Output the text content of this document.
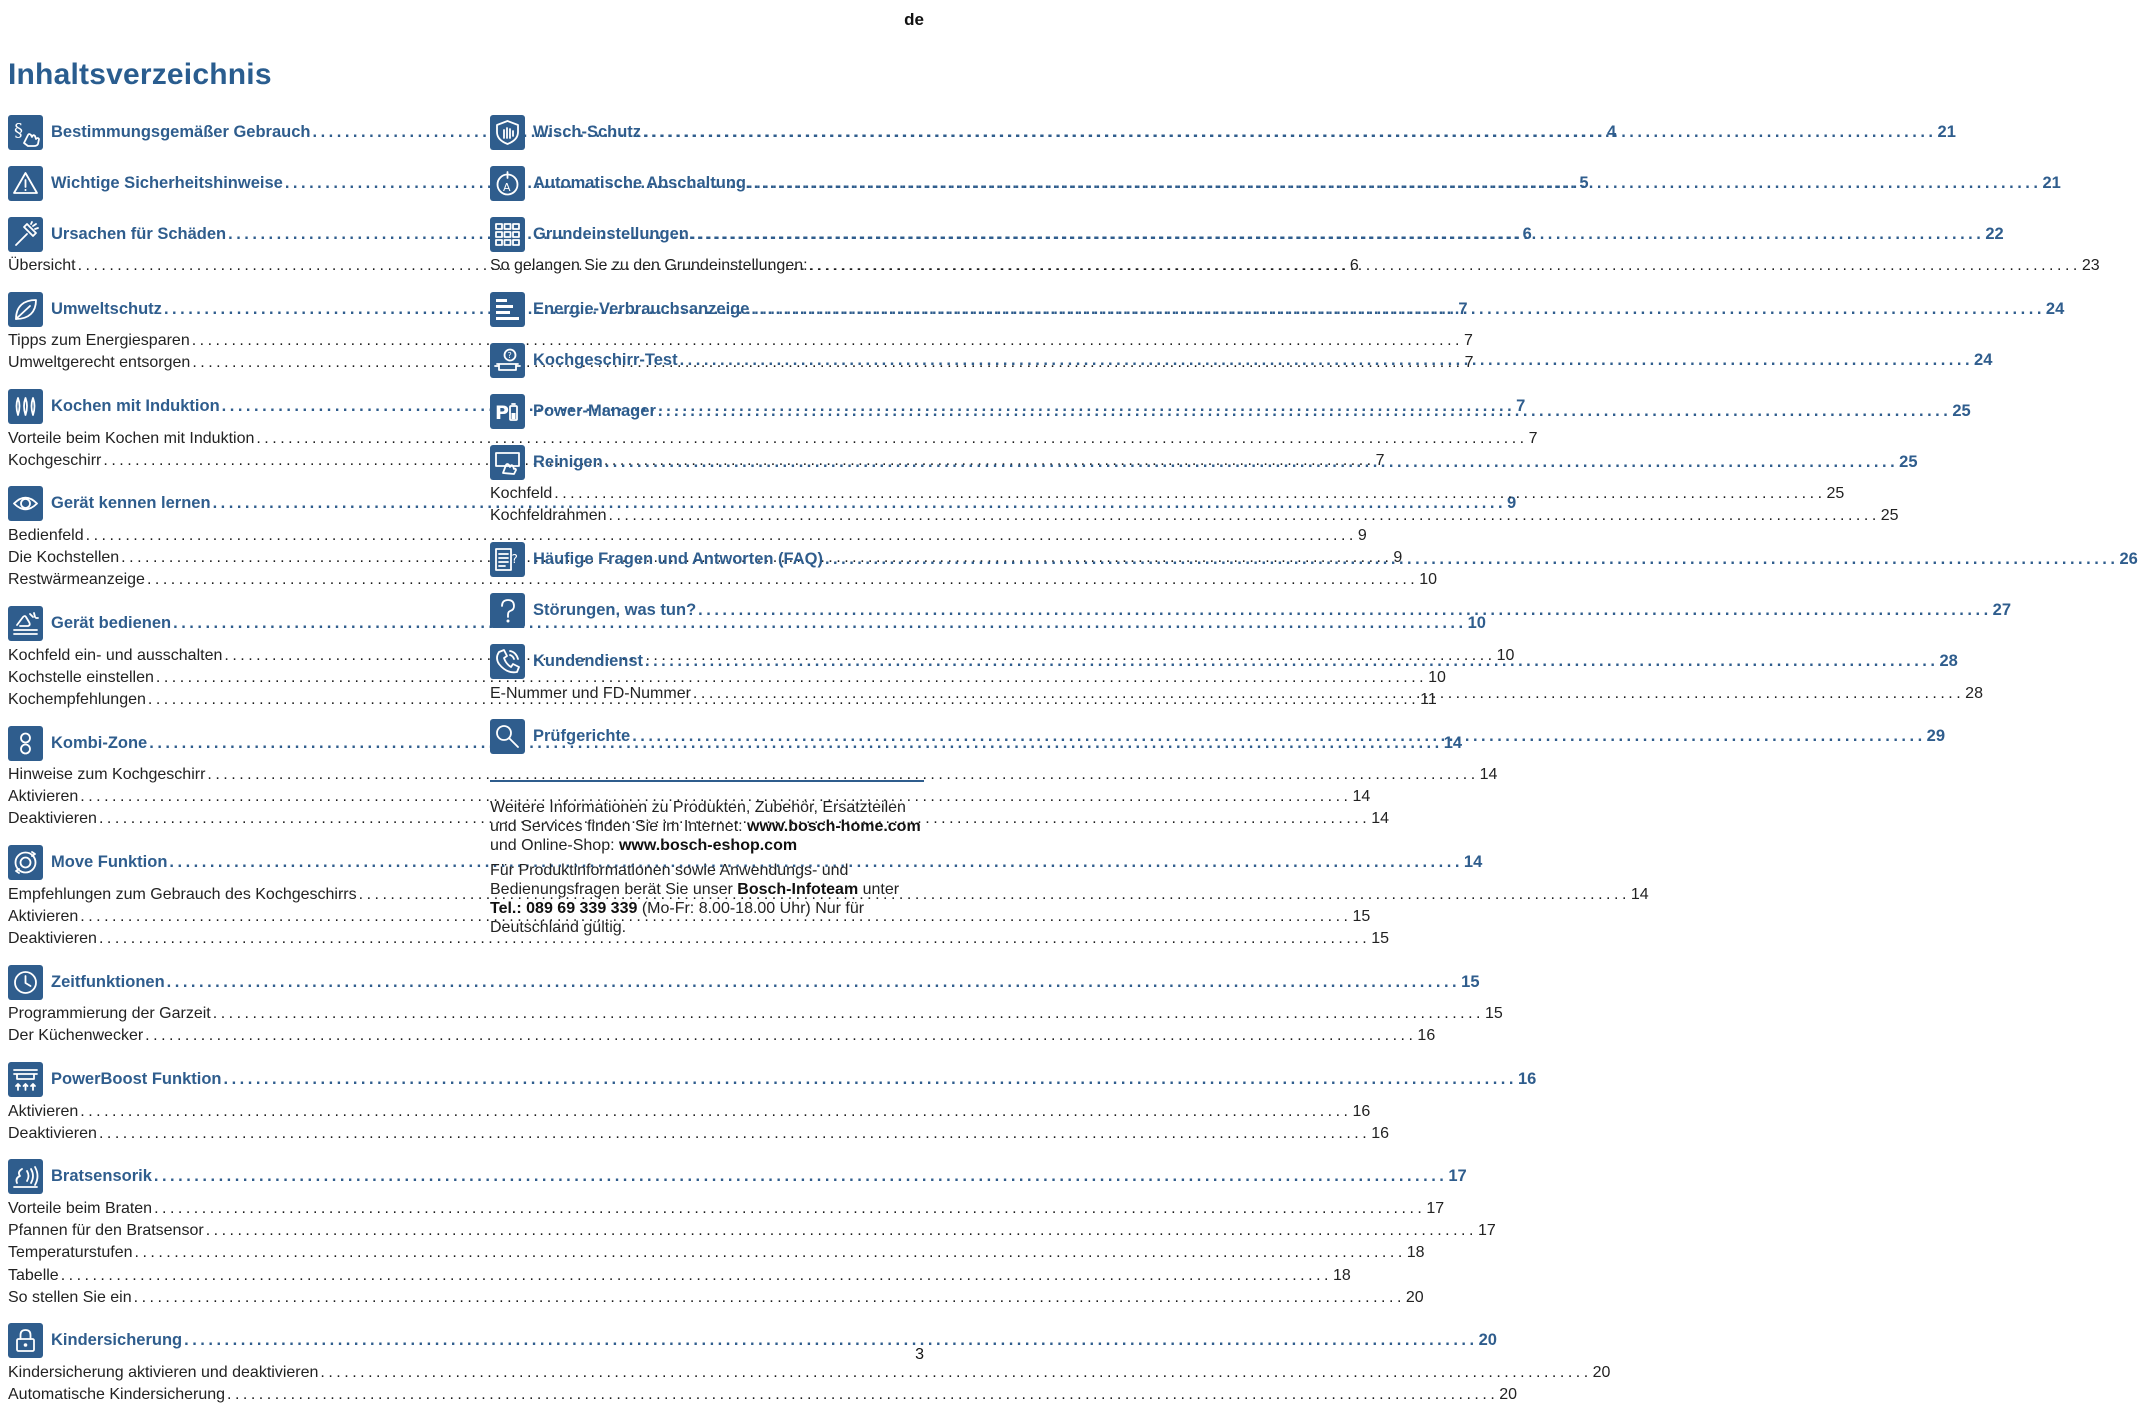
de
Inhaltsverzeichnis
§ Bestimmungsgemäßer Gebrauch .....	4
Wichtige Sicherheitshinweise .....	5
Ursachen für Schäden .....	6
Übersicht .....	6
Umweltschutz .....	7
Tipps zum Energiesparen .....	7
Umweltgerecht entsorgen .....	7
Kochen mit Induktion .....	7
Vorteile beim Kochen mit Induktion .....	7
Kochgeschirr .....	7
Gerät kennen lernen .....	9
Bedienfeld .....	9
Die Kochstellen .....	9
Restwärmeanzeige .....	10
Gerät bedienen .....	10
Kochfeld ein- und ausschalten .....	10
Kochstelle einstellen .....	10
Kochempfehlungen .....	11
Kombi-Zone .....	14
Hinweise zum Kochgeschirr .....	14
Aktivieren .....	14
Deaktivieren .....	14
Move Funktion .....	14
Empfehlungen zum Gebrauch des Kochgeschirrs .....	14
Aktivieren .....	15
Deaktivieren .....	15
Zeitfunktionen .....	15
Programmierung der Garzeit .....	15
Der Küchenwecker .....	16
PowerBoost Funktion .....	16
Aktivieren .....	16
Deaktivieren .....	16
Bratsensorik .....	17
Vorteile beim Braten .....	17
Pfannen für den Bratsensor .....	17
Temperaturstufen .....	18
Tabelle .....	18
So stellen Sie ein .....	20
Kindersicherung .....	20
Kindersicherung aktivieren und deaktivieren .....	20
Automatische Kindersicherung .....	20
Wisch-Schutz .....	21
A Automatische Abschaltung .....	21
Grundeinstellungen .....	22
So gelangen Sie zu den Grundeinstellungen: .....	23
Energie-Verbrauchsanzeige .....	24
? Kochgeschirr-Test .....	24
P Power-Manager .....	25
Reinigen .....	25
Kochfeld .....	25
Kochfeldrahmen .....	25
? Häufige Fragen und Antworten (FAQ) .....	26
Störungen, was tun? .....	27
Kundendienst .....	28
E-Nummer und FD-Nummer .....	28
Prüfgerichte .....	29

Weitere Informationen zu Produkten, Zubehör, Ersatzteilen und Services finden Sie im Internet: www.bosch-home.com und Online-Shop: www.bosch-eshop.com

Für Produktinformationen sowie Anwendungs- und Bedienungsfragen berät Sie unser Bosch-Infoteam unter Tel.: 089 69 339 339 (Mo-Fr: 8.00-18.00 Uhr) Nur für Deutschland gültig.

3
